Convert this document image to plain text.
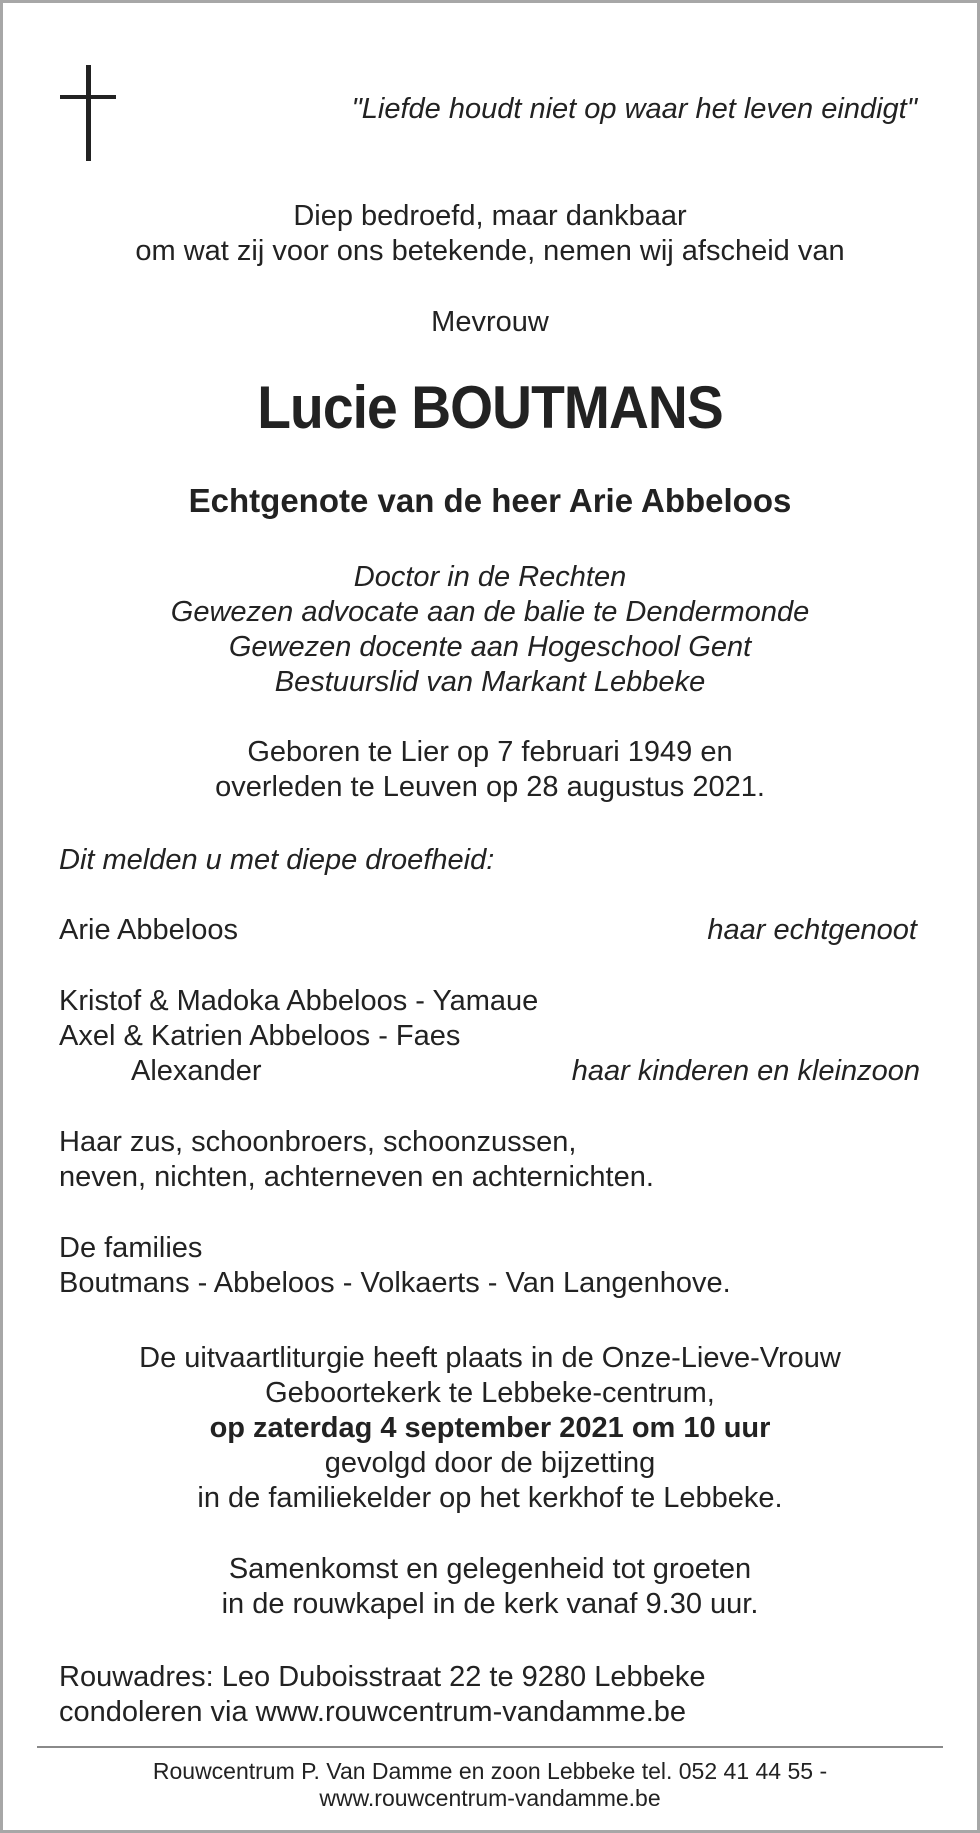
"Liefde houdt niet op waar het leven eindigt"
Diep bedroefd, maar dankbaar
om wat zij voor ons betekende, nemen wij afscheid van
Mevrouw
Lucie BOUTMANS
Echtgenote van de heer Arie Abbeloos
Doctor in de Rechten
Gewezen advocate aan de balie te Dendermonde
Gewezen docente aan Hogeschool Gent
Bestuurslid van Markant Lebbeke
Geboren te Lier op 7 februari 1949 en
overleden te Leuven op 28 augustus 2021.
Dit melden u met diepe droefheid:
Arie Abbeloos	haar echtgenoot
Kristof & Madoka Abbeloos - Yamaue
Axel & Katrien Abbeloos - Faes
Alexander	haar kinderen en kleinzoon
Haar zus, schoonbroers, schoonzussen,
neven, nichten, achterneven en achternichten.
De families
Boutmans - Abbeloos - Volkaerts - Van Langenhove.
De uitvaartliturgie heeft plaats in de Onze-Lieve-Vrouw
Geboortekerk te Lebbeke-centrum,
op zaterdag 4 september 2021 om 10 uur
gevolgd door de bijzetting
in de familiekelder op het kerkhof te Lebbeke.
Samenkomst en gelegenheid tot groeten
in de rouwkapel in de kerk vanaf 9.30 uur.
Rouwadres: Leo Duboisstraat 22 te 9280 Lebbeke
condoleren via www.rouwcentrum-vandamme.be
Rouwcentrum P. Van Damme en zoon Lebbeke tel. 052 41 44 55 -
www.rouwcentrum-vandamme.be
